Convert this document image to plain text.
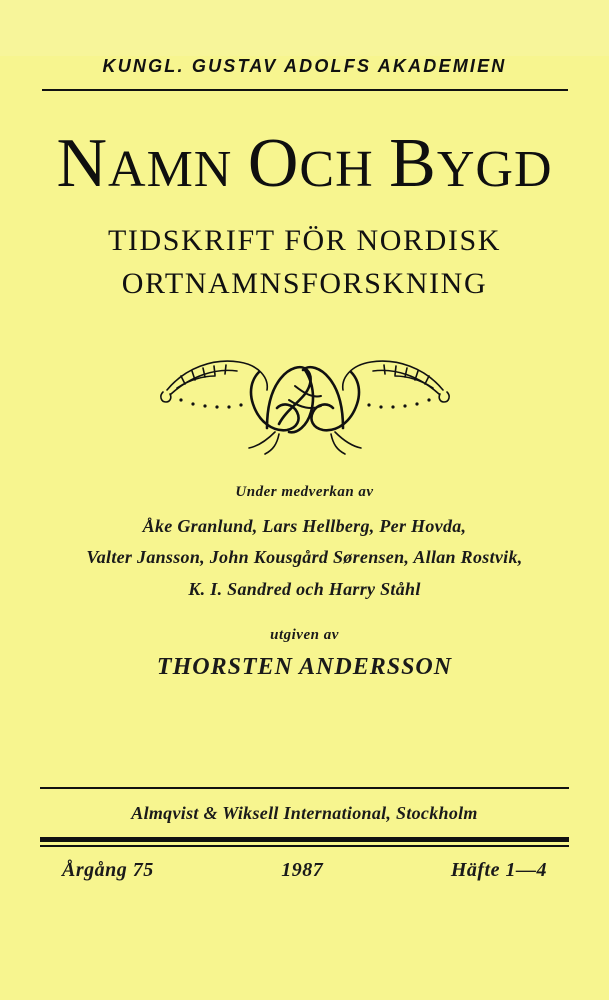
KUNGL. GUSTAV ADOLFS AKADEMIEN
NAMN OCH BYGD
TIDSKRIFT FÖR NORDISK
ORTNAMNSFORSKNING
Under medverkan av
Åke Granlund, Lars Hellberg, Per Hovda,
Valter Jansson, John Kousgård Sørensen, Allan Rostvik,
K. I. Sandred och Harry Ståhl
utgiven av
THORSTEN ANDERSSON
Almqvist & Wiksell International, Stockholm
Årgång 75	1987	Häfte 1—4
